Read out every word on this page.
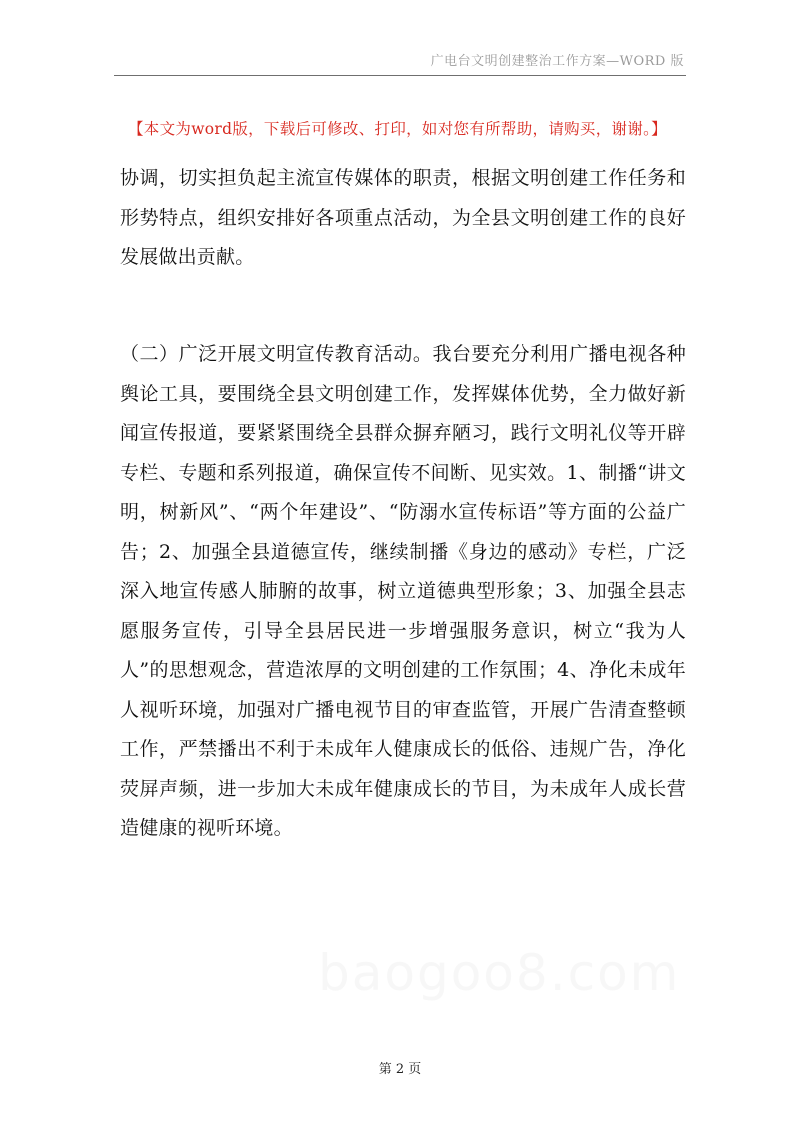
广电台文明创建整治工作方案—WORD 版
【本文为word版，下载后可修改、打印，如对您有所帮助，请购买，谢谢。】

协调，切实担负起主流宣传媒体的职责，根据文明创建工作任务和形势特点，组织安排好各项重点活动，为全县文明创建工作的良好发展做出贡献。

（二）广泛开展文明宣传教育活动。我台要充分利用广播电视各种舆论工具，要围绕全县文明创建工作，发挥媒体优势，全力做好新闻宣传报道，要紧紧围绕全县群众摒弃陋习，践行文明礼仪等开辟专栏、专题和系列报道，确保宣传不间断、见实效。1、制播“讲文明，树新风”、“两个年建设”、“防溺水宣传标语”等方面的公益广告；2、加强全县道德宣传，继续制播《身边的感动》专栏，广泛深入地宣传感人肺腑的故事，树立道德典型形象；3、加强全县志愿服务宣传，引导全县居民进一步增强服务意识，树立“我为人人”的思想观念，营造浓厚的文明创建的工作氛围；4、净化未成年人视听环境，加强对广播电视节目的审查监管，开展广告清查整顿工作，严禁播出不利于未成年人健康成长的低俗、违规广告，净化荧屏声频，进一步加大未成年健康成长的节目，为未成年人成长营造健康的视听环境。

baogoo8.com
第 2 页
